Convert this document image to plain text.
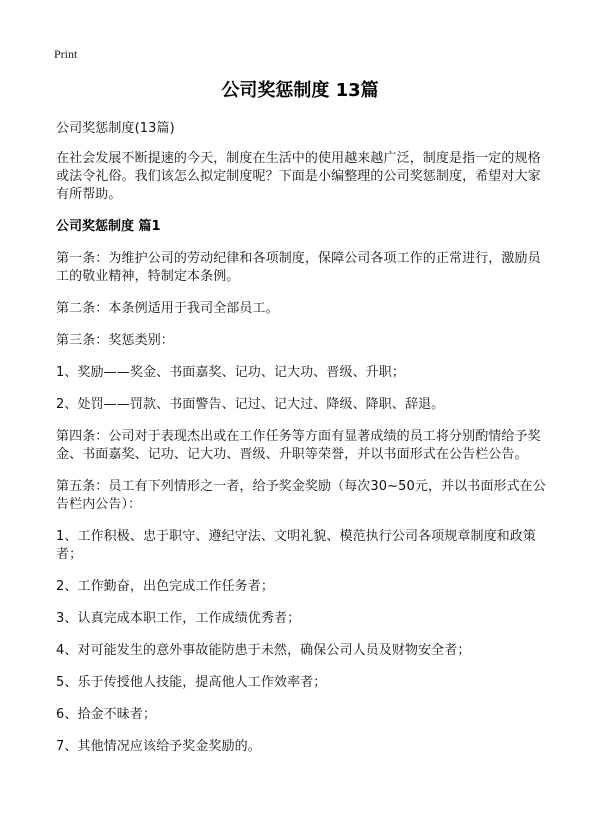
Print
公司奖惩制度 13篇

公司奖惩制度(13篇)

在社会发展不断提速的今天，制度在生活中的使用越来越广泛，制度是指一定的规格或法令礼俗。我们该怎么拟定制度呢？下面是小编整理的公司奖惩制度，希望对大家有所帮助。

公司奖惩制度 篇1

第一条：为维护公司的劳动纪律和各项制度，保障公司各项工作的正常进行，激励员工的敬业精神，特制定本条例。

第二条：本条例适用于我司全部员工。

第三条：奖惩类别：

1、奖励——奖金、书面嘉奖、记功、记大功、晋级、升职；

2、处罚——罚款、书面警告、记过、记大过、降级、降职、辞退。

第四条：公司对于表现杰出或在工作任务等方面有显著成绩的员工将分别酌情给予奖金、书面嘉奖、记功、记大功、晋级、升职等荣誉，并以书面形式在公告栏公告。

第五条：员工有下列情形之一者，给予奖金奖励（每次30~50元，并以书面形式在公告栏内公告）：

1、工作积极、忠于职守、遵纪守法、文明礼貌、模范执行公司各项规章制度和政策者；

2、工作勤奋，出色完成工作任务者；

3、认真完成本职工作，工作成绩优秀者；

4、对可能发生的意外事故能防患于未然，确保公司人员及财物安全者；

5、乐于传授他人技能，提高他人工作效率者；

6、拾金不昧者；

7、其他情况应该给予奖金奖励的。
